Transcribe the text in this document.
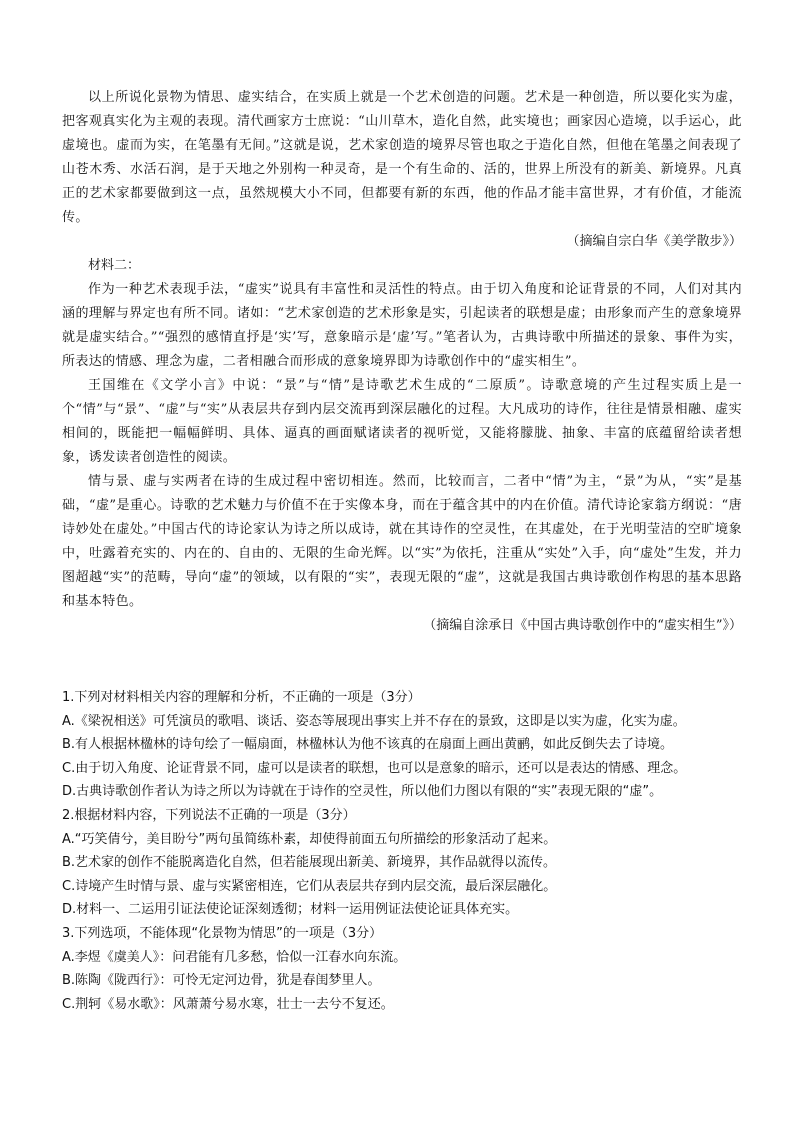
以上所说化景物为情思、虚实结合，在实质上就是一个艺术创造的问题。艺术是一种创造，所以要化实为虚，把客观真实化为主观的表现。清代画家方士庶说：“山川草木，造化自然，此实境也；画家因心造境，以手运心，此虚境也。虚而为实，在笔墨有无间。”这就是说，艺术家创造的境界尽管也取之于造化自然，但他在笔墨之间表现了山苍木秀、水活石润，是于天地之外别构一种灵奇，是一个有生命的、活的，世界上所没有的新美、新境界。凡真正的艺术家都要做到这一点，虽然规模大小不同，但都要有新的东西，他的作品才能丰富世界，才有价值，才能流传。

（摘编自宗白华《美学散步》）

材料二：

作为一种艺术表现手法，“虚实”说具有丰富性和灵活性的特点。由于切入角度和论证背景的不同，人们对其内涵的理解与界定也有所不同。诸如：“艺术家创造的艺术形象是实，引起读者的联想是虚；由形象而产生的意象境界就是虚实结合。”“强烈的感情直抒是‘实’写，意象暗示是‘虚’写。”笔者认为，古典诗歌中所描述的景象、事件为实，所表达的情感、理念为虚，二者相融合而形成的意象境界即为诗歌创作中的“虚实相生”。

王国维在《文学小言》中说：“景”与“情”是诗歌艺术生成的“二原质”。诗歌意境的产生过程实质上是一个“情”与“景”、“虚”与“实”从表层共存到内层交流再到深层融化的过程。大凡成功的诗作，往往是情景相融、虚实相间的，既能把一幅幅鲜明、具体、逼真的画面赋诸读者的视听觉，又能将朦胧、抽象、丰富的底蕴留给读者想象，诱发读者创造性的阅读。

情与景、虚与实两者在诗的生成过程中密切相连。然而，比较而言，二者中“情”为主，“景”为从，“实”是基础，“虚”是重心。诗歌的艺术魅力与价值不在于实像本身，而在于蕴含其中的内在价值。清代诗论家翁方纲说：“唐诗妙处在虚处。”中国古代的诗论家认为诗之所以成诗，就在其诗作的空灵性，在其虚处，在于光明莹洁的空旷境象中，吐露着充实的、内在的、自由的、无限的生命光辉。以“实”为依托，注重从“实处”入手，向“虚处”生发，并力图超越“实”的范畴，导向“虚”的领域，以有限的“实”，表现无限的“虚”，这就是我国古典诗歌创作构思的基本思路和基本特色。

（摘编自涂承日《中国古典诗歌创作中的“虚实相生”》）

1.下列对材料相关内容的理解和分析，不正确的一项是（3分）

A.《梁祝相送》可凭演员的歌唱、谈话、姿态等展现出事实上并不存在的景致，这即是以实为虚，化实为虚。

B.有人根据林楹林的诗句绘了一幅扇面，林楹林认为他不该真的在扇面上画出黄鹂，如此反倒失去了诗境。

C.由于切入角度、论证背景不同，虚可以是读者的联想，也可以是意象的暗示，还可以是表达的情感、理念。

D.古典诗歌创作者认为诗之所以为诗就在于诗作的空灵性，所以他们力图以有限的“实”表现无限的“虚”。

2.根据材料内容，下列说法不正确的一项是（3分）

A.“巧笑倩兮，美目盼兮”两句虽简练朴素，却使得前面五句所描绘的形象活动了起来。

B.艺术家的创作不能脱离造化自然，但若能展现出新美、新境界，其作品就得以流传。

C.诗境产生时情与景、虚与实紧密相连，它们从表层共存到内层交流，最后深层融化。

D.材料一、二运用引证法使论证深刻透彻；材料一运用例证法使论证具体充实。

3.下列选项，不能体现“化景物为情思”的一项是（3分）

A.李煜《虞美人》：问君能有几多愁，恰似一江春水向东流。

B.陈陶《陇西行》：可怜无定河边骨，犹是春闺梦里人。

C.荆轲《易水歌》：风萧萧兮易水寒，壮士一去兮不复还。
